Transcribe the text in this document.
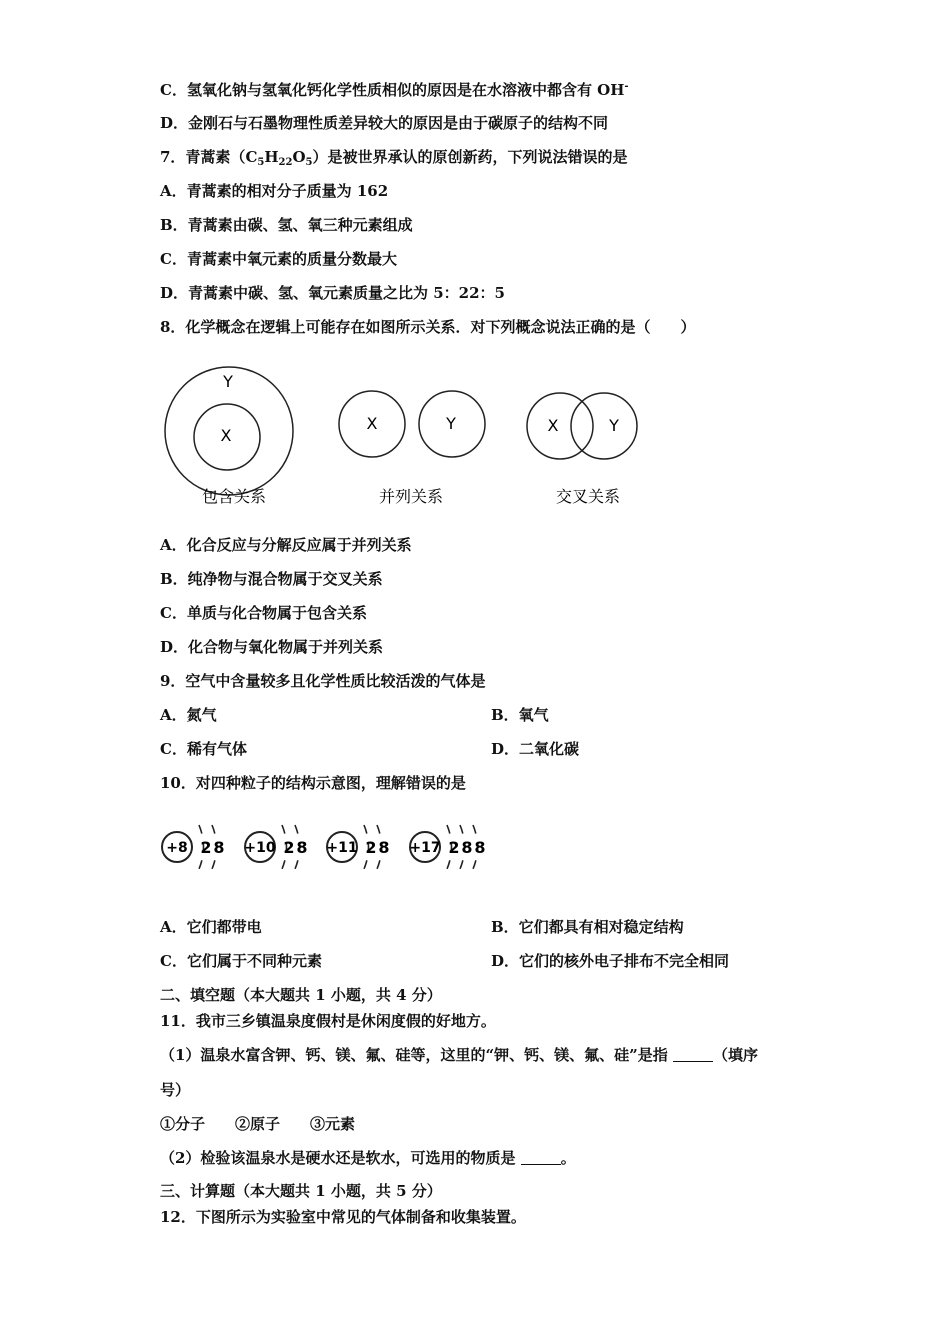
C．氢氧化钠与氢氧化钙化学性质相似的原因是在水溶液中都含有 OH-
D．金刚石与石墨物理性质差异较大的原因是由于碳原子的结构不同
7．青蒿素$(C_5H_{22}O_5)$是被世界承认的原创新药，下列说法错误的是
A．青蒿素的相对分子质量为 162
B．青蒿素由碳、氢、氧三种元素组成
C．青蒿素中氧元素的质量分数最大
D．青蒿素中碳、氢、氧元素质量之比为 5：22：5
8．化学概念在逻辑上可能存在如图所示关系．对下列概念说法正确的是（　　）
Y
X
包含关系
X	Y
并列关系
X	Y
交叉关系
A．化合反应与分解反应属于并列关系
B．纯净物与混合物属于交叉关系
C．单质与化合物属于包含关系
D．化合物与氧化物属于并列关系
9．空气中含量较多且化学性质比较活泼的气体是
A．氮气	B．氧气
C．稀有气体	D．二氧化碳
10．对四种粒子的结构示意图，理解错误的是
+8 2 8 +10 2 8 +11 2 8 +17 2 8 8
A．它们都带电	B．它们都具有相对稳定结构
C．它们属于不同种元素	D．它们的核外电子排布不完全相同
二、填空题（本大题共 1 小题，共 4 分）
11．我市三乡镇温泉度假村是休闲度假的好地方。
（1）温泉水富含钾、钙、镁、氟、硅等，这里的“钾、钙、镁、氟、硅”是指	（填序
号）
①分子　　②原子　　③元素
（2）检验该温泉水是硬水还是软水，可选用的物质是	。
三、计算题（本大题共 1 小题，共 5 分）
12．下图所示为实验室中常见的气体制备和收集装置。
